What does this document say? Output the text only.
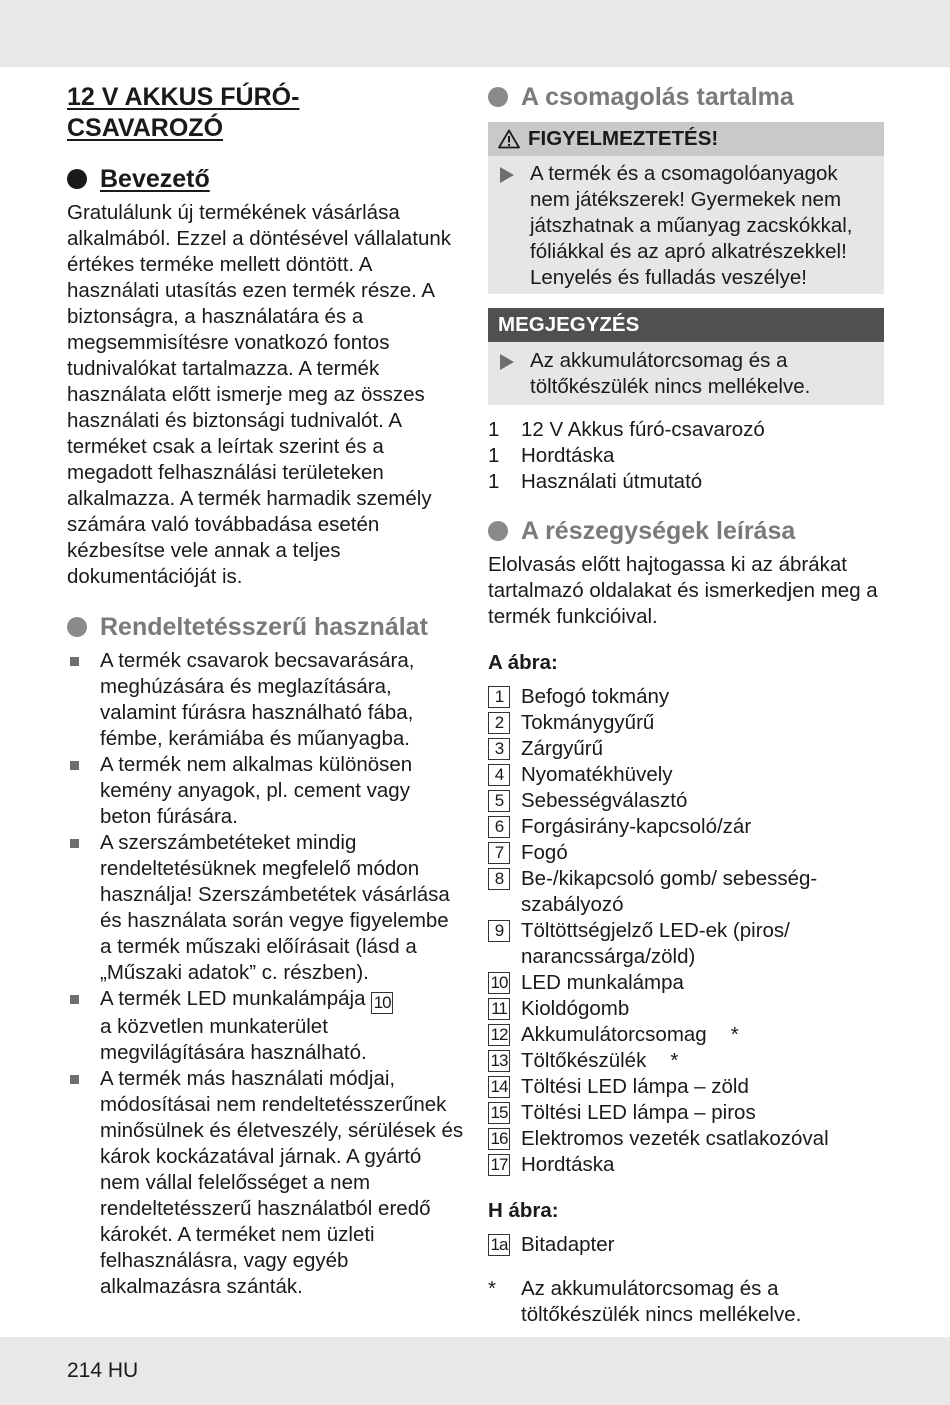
12 V AKKUS FÚRÓ-
CSAVAROZÓ
Bevezető

Gratulálunk új termékének vásárlása alkalmából. Ezzel a döntésével vállalatunk értékes terméke mellett döntött. A használati utasítás ezen termék része. A biztonságra, a használatára és a megsemmisítésre vonatkozó fontos tudnivalókat tartalmazza. A termék használata előtt ismerje meg az összes használati és biztonsági tudnivalót. A terméket csak a leírtak szerint és a megadott felhasználási területeken alkalmazza. A termék harmadik személy számára való továbbadása esetén kézbesítse vele annak a teljes dokumentációját is.

Rendeltetésszerű használat
A termék csavarok becsavarására, meghúzására és meglazítására, valamint fúrásra használható fába, fémbe, kerámiába és műanyagba.
A termék nem alkalmas különösen kemény anyagok, pl. cement vagy beton fúrására.
A szerszámbetéteket mindig rendeltetésüknek megfelelő módon használja! Szerszámbetétek vásárlása és használata során vegye figyelembe a termék műszaki előírásait (lásd a „Műszaki adatok” c. részben).
A termék LED munkalámpája 10
a közvetlen munkaterület megvilágítására használható.
A termék más használati módjai, módosításai nem rendeltetésszerűnek minősülnek és életveszély, sérülések és károk kockázatával járnak. A gyártó nem vállal felelősséget a nem rendeltetésszerű használatból eredő károkét. A terméket nem üzleti felhasználásra, vagy egyéb alkalmazásra szánták.
A csomagolás tartalma
FIGYELMEZTETÉS!
A termék és a csomagolóanyagok nem játékszerek! Gyermekek nem játszhatnak a műanyag zacskókkal, fóliákkal és az apró alkatrészekkel! Lenyelés és fulladás veszélye!
MEGJEGYZÉS
Az akkumulátorcsomag és a töltőkészülék nincs mellékelve.
1	12 V Akkus fúró-csavarozó
1	Hordtáska
1	Használati útmutató
A részegységek leírása

Elolvasás előtt hajtogassa ki az ábrákat tartalmazó oldalakat és ismerkedjen meg a termék funkcióival.

A ábra:
1 Befogó tokmány
2 Tokmánygyűrű
3 Zárgyűrű
4 Nyomatékhüvely
5 Sebességválasztó
6 Forgásirány-kapcsoló/zár
7 Fogó
8 Be-/kikapcsoló gomb/ sebesség-szabályozó
9 Töltöttségjelző LED-ek (piros/ narancssárga/zöld)
10 LED munkalámpa
11 Kioldógomb
12 Akkumulátorcsomag *
13 Töltőkészülék *
14 Töltési LED lámpa – zöld
15 Töltési LED lámpa – piros
16 Elektromos vezeték csatlakozóval
17 Hordtáska
H ábra:
1a Bitadapter
*	Az akkumulátorcsomag és a töltőkészülék nincs mellékelve.
214 HU
